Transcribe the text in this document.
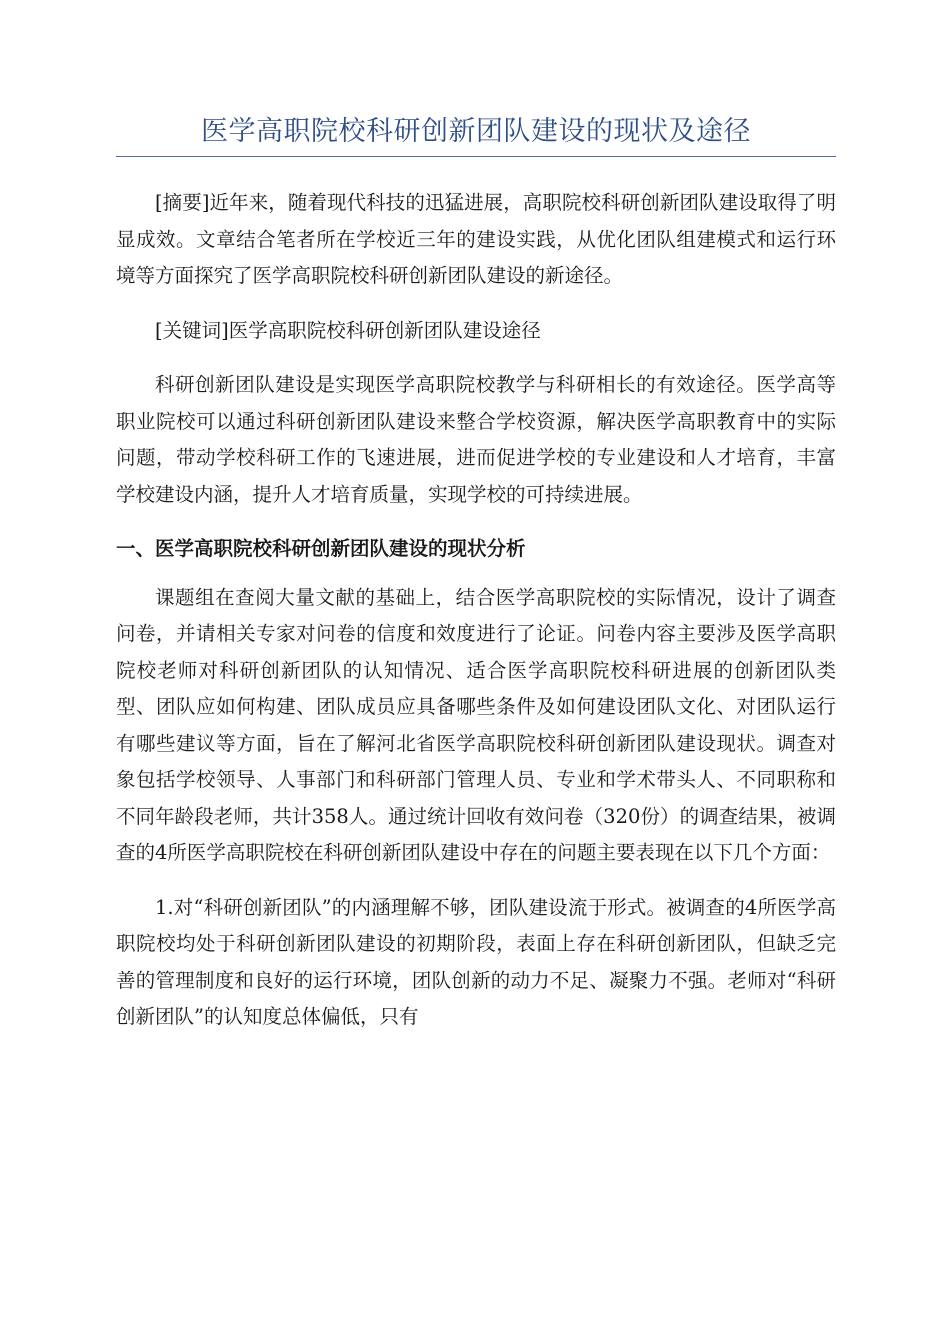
医学高职院校科研创新团队建设的现状及途径

[摘要]近年来，随着现代科技的迅猛进展，高职院校科研创新团队建设取得了明显成效。文章结合笔者所在学校近三年的建设实践，从优化团队组建模式和运行环境等方面探究了医学高职院校科研创新团队建设的新途径。

[关键词]医学高职院校科研创新团队建设途径

科研创新团队建设是实现医学高职院校教学与科研相长的有效途径。医学高等职业院校可以通过科研创新团队建设来整合学校资源，解决医学高职教育中的实际问题，带动学校科研工作的飞速进展，进而促进学校的专业建设和人才培育，丰富学校建设内涵，提升人才培育质量，实现学校的可持续进展。

一、医学高职院校科研创新团队建设的现状分析

课题组在查阅大量文献的基础上，结合医学高职院校的实际情况，设计了调查问卷，并请相关专家对问卷的信度和效度进行了论证。问卷内容主要涉及医学高职院校老师对科研创新团队的认知情况、适合医学高职院校科研进展的创新团队类型、团队应如何构建、团队成员应具备哪些条件及如何建设团队文化、对团队运行有哪些建议等方面，旨在了解河北省医学高职院校科研创新团队建设现状。调查对象包括学校领导、人事部门和科研部门管理人员、专业和学术带头人、不同职称和不同年龄段老师，共计358人。通过统计回收有效问卷（320份）的调查结果，被调查的4所医学高职院校在科研创新团队建设中存在的问题主要表现在以下几个方面：

1.对“科研创新团队”的内涵理解不够，团队建设流于形式。被调查的4所医学高职院校均处于科研创新团队建设的初期阶段，表面上存在科研创新团队，但缺乏完善的管理制度和良好的运行环境，团队创新的动力不足、凝聚力不强。老师对“科研创新团队”的认知度总体偏低，只有
